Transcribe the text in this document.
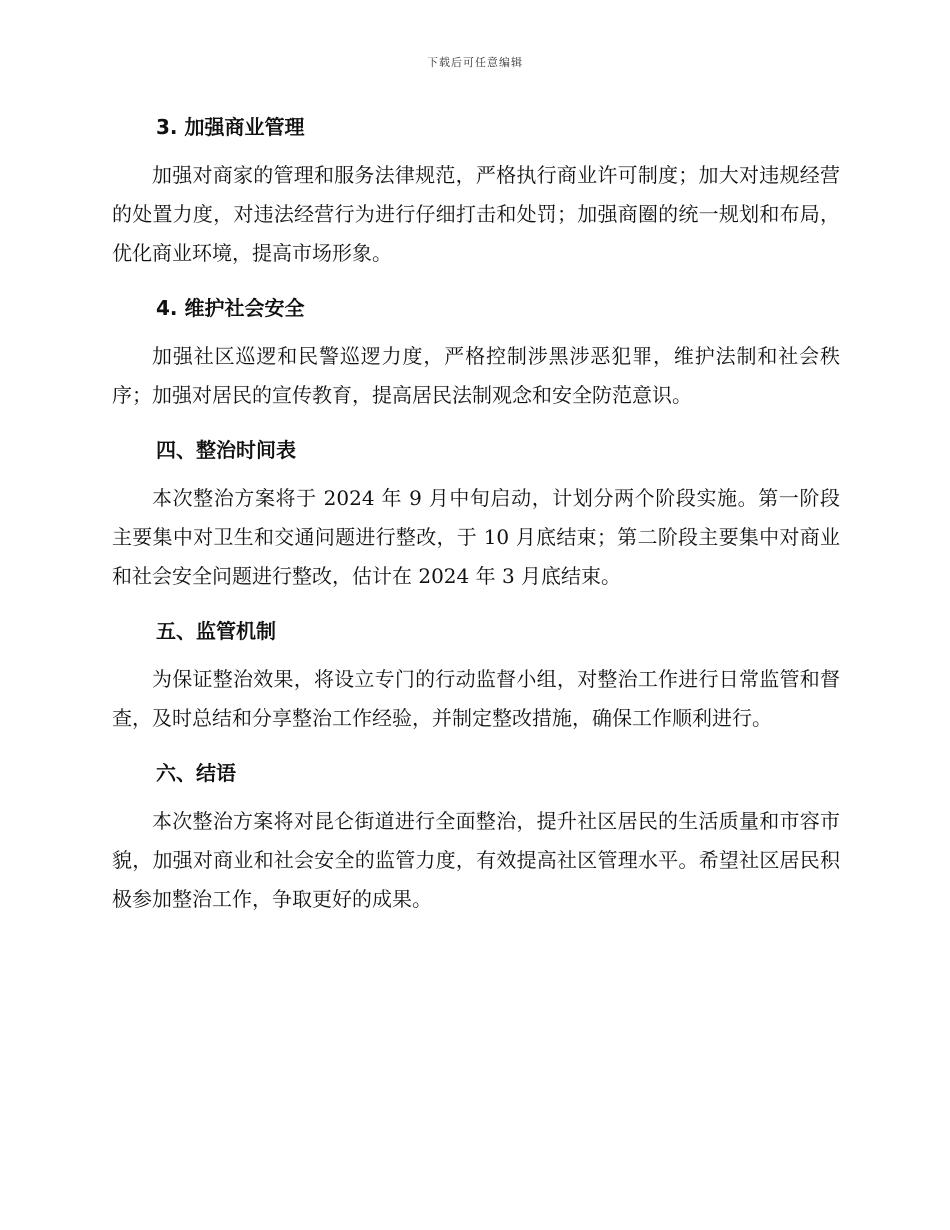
下载后可任意编辑
3. 加强商业管理

加强对商家的管理和服务法律规范，严格执行商业许可制度；加大对违规经营的处置力度，对违法经营行为进行仔细打击和处罚；加强商圈的统一规划和布局，优化商业环境，提高市场形象。

4. 维护社会安全

加强社区巡逻和民警巡逻力度，严格控制涉黑涉恶犯罪，维护法制和社会秩序；加强对居民的宣传教育，提高居民法制观念和安全防范意识。

四、整治时间表

本次整治方案将于 2024 年 9 月中旬启动，计划分两个阶段实施。第一阶段主要集中对卫生和交通问题进行整改，于 10 月底结束；第二阶段主要集中对商业和社会安全问题进行整改，估计在 2024 年 3 月底结束。

五、监管机制

为保证整治效果，将设立专门的行动监督小组，对整治工作进行日常监管和督查，及时总结和分享整治工作经验，并制定整改措施，确保工作顺利进行。

六、结语

本次整治方案将对昆仑街道进行全面整治，提升社区居民的生活质量和市容市貌，加强对商业和社会安全的监管力度，有效提高社区管理水平。希望社区居民积极参加整治工作，争取更好的成果。
